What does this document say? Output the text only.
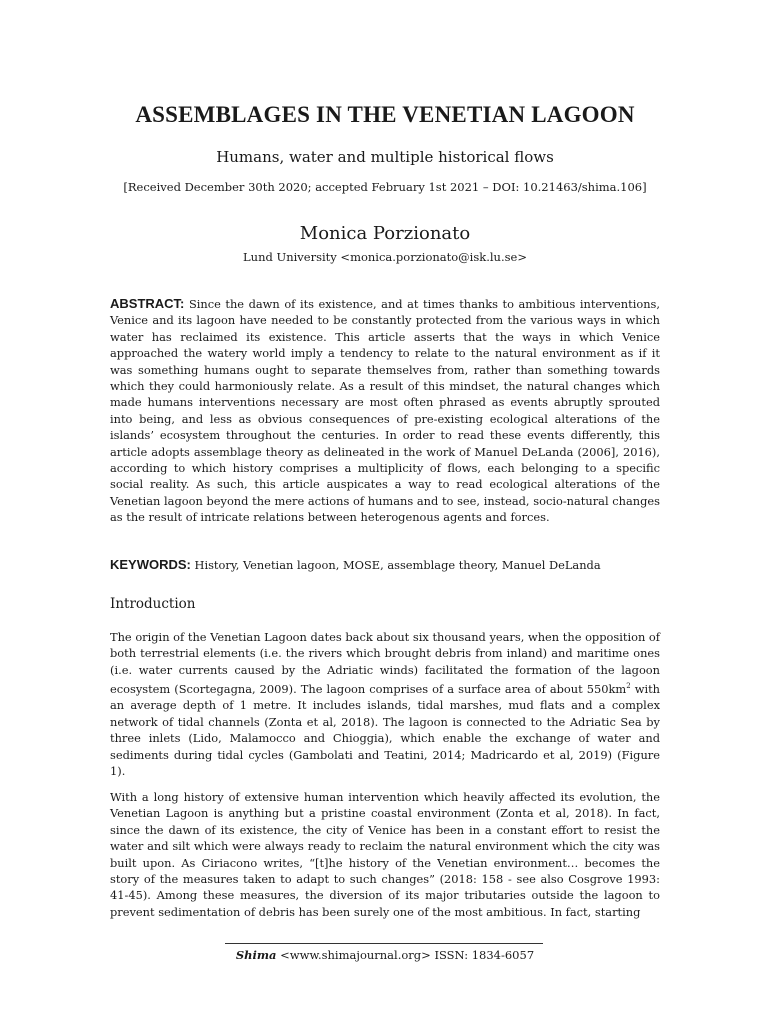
ASSEMBLAGES IN THE VENETIAN LAGOON
Humans, water and multiple historical flows
[Received December 30th 2020; accepted February 1st 2021 – DOI: 10.21463/shima.106]
Monica Porzionato
Lund University <monica.porzionato@isk.lu.se>
ABSTRACT: Since the dawn of its existence, and at times thanks to ambitious interventions, Venice and its lagoon have needed to be constantly protected from the various ways in which water has reclaimed its existence. This article asserts that the ways in which Venice approached the watery world imply a tendency to relate to the natural environment as if it was something humans ought to separate themselves from, rather than something towards which they could harmoniously relate. As a result of this mindset, the natural changes which made humans interventions necessary are most often phrased as events abruptly sprouted into being, and less as obvious consequences of pre-existing ecological alterations of the islands’ ecosystem throughout the centuries. In order to read these events differently, this article adopts assemblage theory as delineated in the work of Manuel DeLanda (2006], 2016), according to which history comprises a multiplicity of flows, each belonging to a specific social reality. As such, this article auspicates a way to read ecological alterations of the Venetian lagoon beyond the mere actions of humans and to see, instead, socio-natural changes as the result of intricate relations between heterogenous agents and forces.
KEYWORDS: History, Venetian lagoon, MOSE, assemblage theory, Manuel DeLanda
Introduction
The origin of the Venetian Lagoon dates back about six thousand years, when the opposition of both terrestrial elements (i.e. the rivers which brought debris from inland) and maritime ones (i.e. water currents caused by the Adriatic winds) facilitated the formation of the lagoon ecosystem (Scortegagna, 2009). The lagoon comprises of a surface area of about $550km^2$ with an average depth of 1 metre. It includes islands, tidal marshes, mud flats and a complex network of tidal channels (Zonta et al, 2018). The lagoon is connected to the Adriatic Sea by three inlets (Lido, Malamocco and Chioggia), which enable the exchange of water and sediments during tidal cycles (Gambolati and Teatini, 2014; Madricardo et al, 2019) (Figure 1).
With a long history of extensive human intervention which heavily affected its evolution, the Venetian Lagoon is anything but a pristine coastal environment (Zonta et al, 2018). In fact, since the dawn of its existence, the city of Venice has been in a constant effort to resist the water and silt which were always ready to reclaim the natural environment which the city was built upon. As Ciriacono writes, “[t]he history of the Venetian environment… becomes the story of the measures taken to adapt to such changes” (2018: 158 - see also Cosgrove 1993: 41-45). Among these measures, the diversion of its major tributaries outside the lagoon to prevent sedimentation of debris has been surely one of the most ambitious. In fact, starting
Shima <www.shimajournal.org> ISSN: 1834-6057
